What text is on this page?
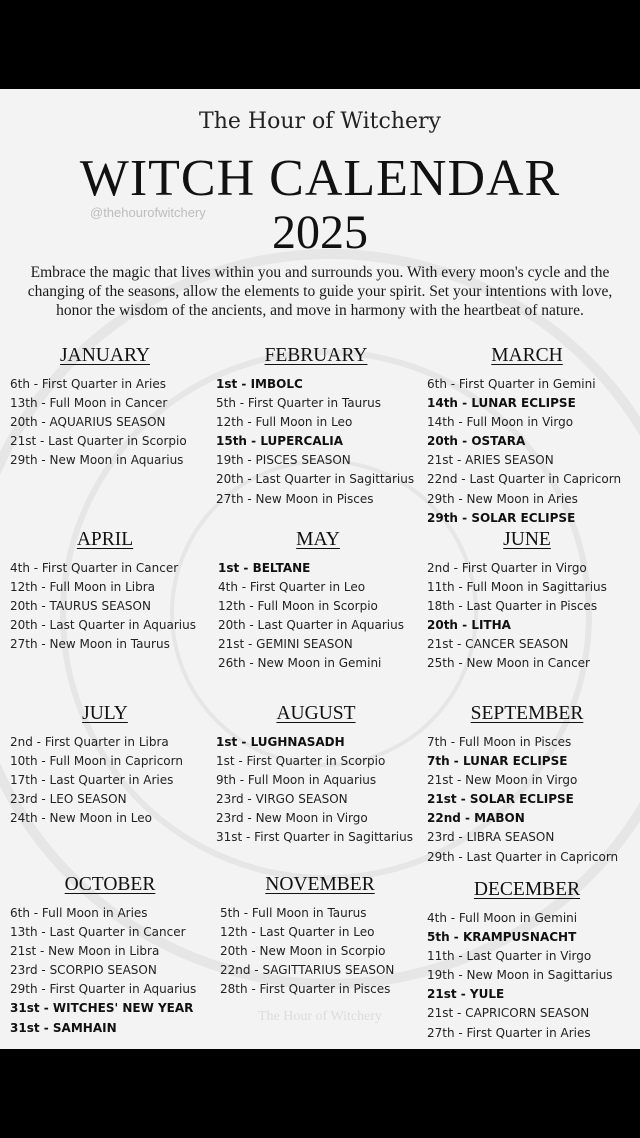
The Hour of Witchery
WITCH CALENDAR
@thehourofwitchery	2025
Embrace the magic that lives within you and surrounds you. With every moon's cycle and the changing of the seasons, allow the elements to guide your spirit. Set your intentions with love, honor the wisdom of the ancients, and move in harmony with the heartbeat of nature.
JANUARY
6th - First Quarter in Aries
13th - Full Moon in Cancer
20th - AQUARIUS SEASON
21st - Last Quarter in Scorpio
29th - New Moon in Aquarius
FEBRUARY
1st - IMBOLC
5th - First Quarter in Taurus
12th - Full Moon in Leo
15th - LUPERCALIA
19th - PISCES SEASON
20th - Last Quarter in Sagittarius
27th - New Moon in Pisces
MARCH
6th - First Quarter in Gemini
14th - LUNAR ECLIPSE
14th - Full Moon in Virgo
20th - OSTARA
21st - ARIES SEASON
22nd - Last Quarter in Capricorn
29th - New Moon in Aries
29th - SOLAR ECLIPSE
APRIL
4th - First Quarter in Cancer
12th - Full Moon in Libra
20th - TAURUS SEASON
20th - Last Quarter in Aquarius
27th - New Moon in Taurus
MAY
1st - BELTANE
4th - First Quarter in Leo
12th - Full Moon in Scorpio
20th - Last Quarter in Aquarius
21st - GEMINI SEASON
26th - New Moon in Gemini
JUNE
2nd - First Quarter in Virgo
11th - Full Moon in Sagittarius
18th - Last Quarter in Pisces
20th - LITHA
21st - CANCER SEASON
25th - New Moon in Cancer
JULY
2nd - First Quarter in Libra
10th - Full Moon in Capricorn
17th - Last Quarter in Aries
23rd - LEO SEASON
24th - New Moon in Leo
AUGUST
1st - LUGHNASADH
1st - First Quarter in Scorpio
9th - Full Moon in Aquarius
23rd - VIRGO SEASON
23rd - New Moon in Virgo
31st - First Quarter in Sagittarius
SEPTEMBER
7th - Full Moon in Pisces
7th - LUNAR ECLIPSE
21st - New Moon in Virgo
21st - SOLAR ECLIPSE
22nd - MABON
23rd - LIBRA SEASON
29th - Last Quarter in Capricorn
OCTOBER
6th - Full Moon in Aries
13th - Last Quarter in Cancer
21st - New Moon in Libra
23rd - SCORPIO SEASON
29th - First Quarter in Aquarius
31st - WITCHES' NEW YEAR
31st - SAMHAIN
NOVEMBER
5th - Full Moon in Taurus
12th - Last Quarter in Leo
20th - New Moon in Scorpio
22nd - SAGITTARIUS SEASON
28th - First Quarter in Pisces
DECEMBER
4th - Full Moon in Gemini
5th - KRAMPUSNACHT
11th - Last Quarter in Virgo
19th - New Moon in Sagittarius
21st - YULE
21st - CAPRICORN SEASON
27th - First Quarter in Aries
The Hour of Witchery
